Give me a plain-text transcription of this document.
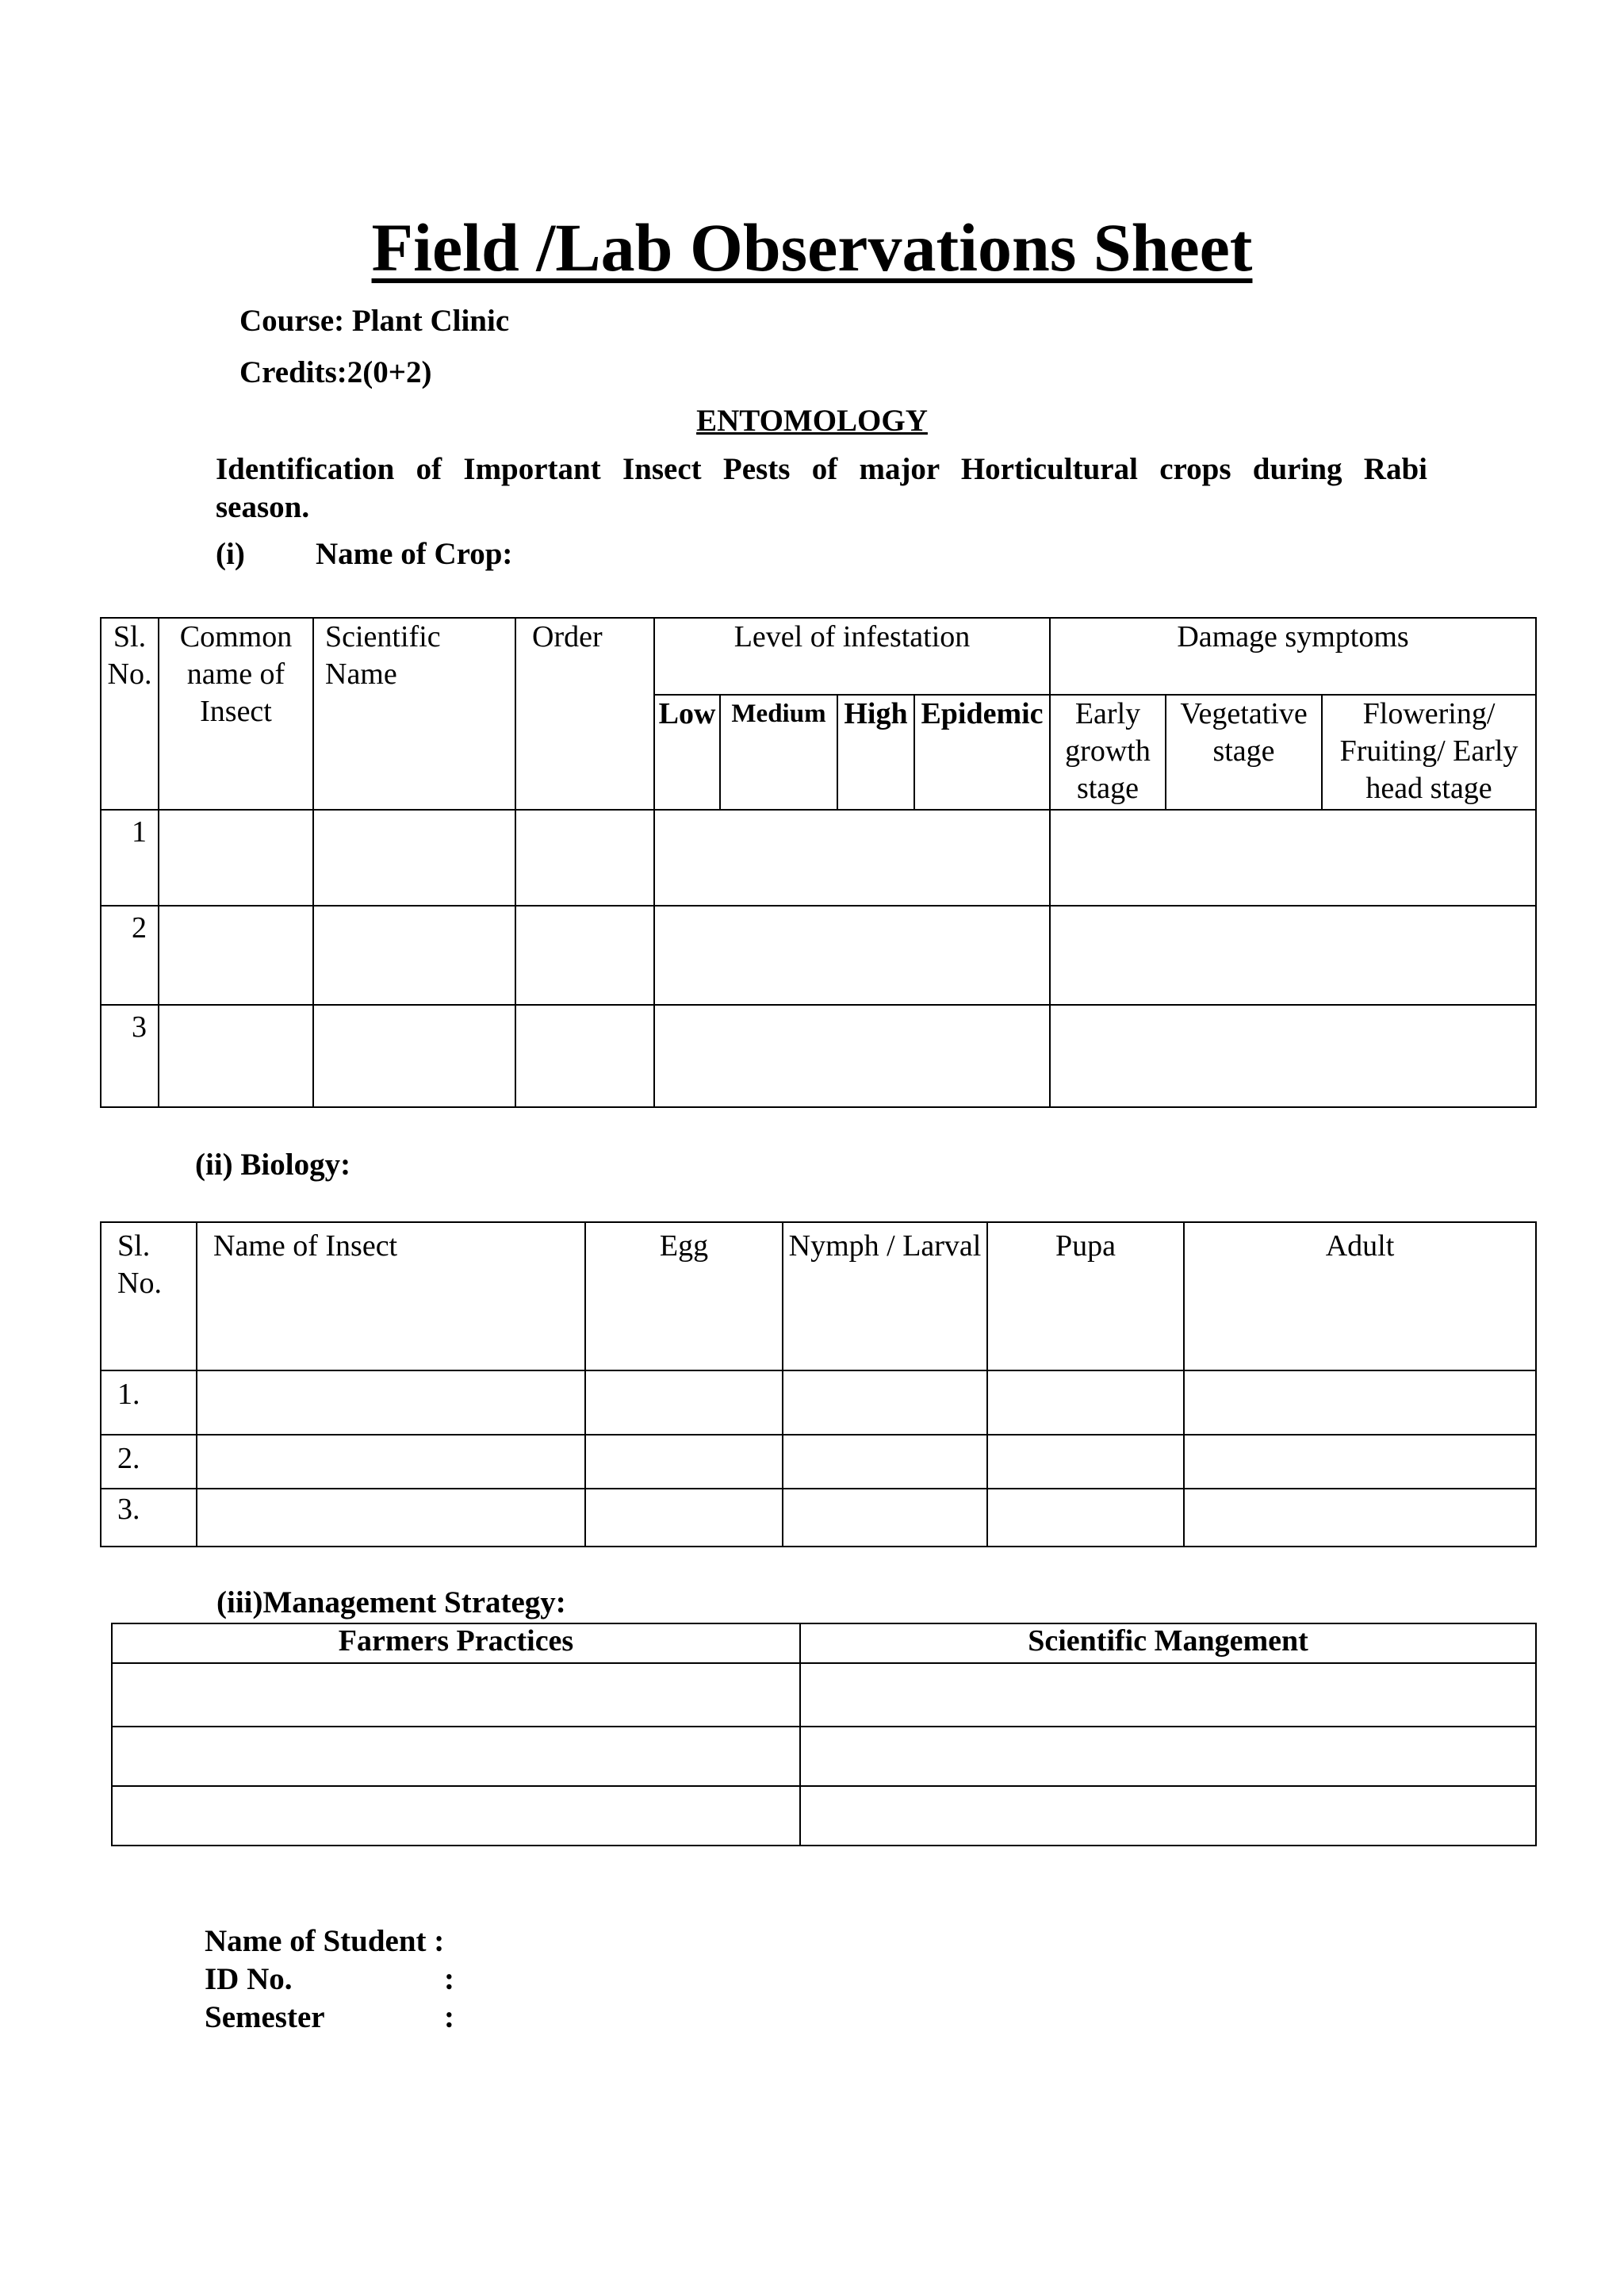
Field /Lab Observations Sheet
Course: Plant Clinic
Credits:2(0+2)
ENTOMOLOGY
Identification of Important Insect Pests of major Horticultural crops during Rabi
season.
(i) Name of Crop:
Sl. No.	Common name of Insect	Scientific Name	Order	Level of infestation				Damage symptoms		
				Low	Medium	High	Epidemic	Early growth stage	Vegetative stage	Flowering/ Fruiting/ Early head stage
1										
2										
3										
(ii) Biology:
Sl. No.	Name of Insect	Egg	Nymph / Larval	Pupa	Adult
1.					
2.					
3.					
(iii)Management Strategy:
Farmers Practices	Scientific Mangement

Name of Student :
ID No.	:
Semester	:
